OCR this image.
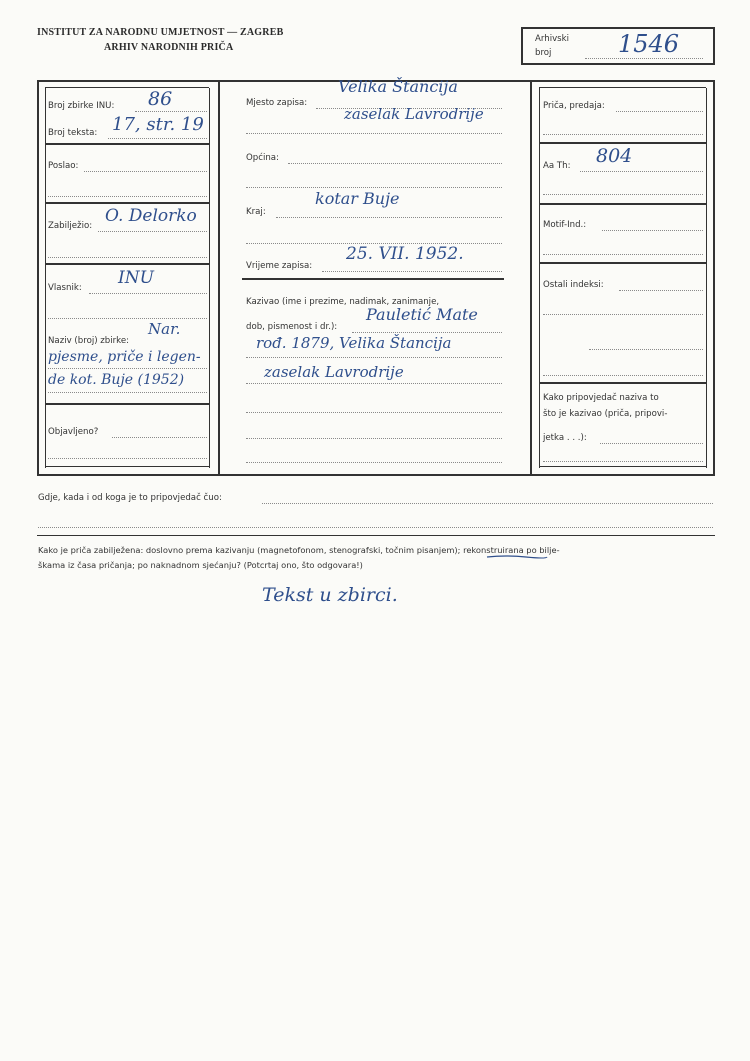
INSTITUT ZA NARODNU UMJETNOST — ZAGREB
ARHIV NARODNIH PRIČA
Arhivski
broj	1546
Broj zbirke INU: 86
Broj teksta: 17, str. 19
Poslao:
Zabilježio: O. Delorko
Vlasnik: INU
Naziv (broj) zbirke:
Nar.
pjesme, priče i legen-
de kot. Buje (1952)
Objavljeno?
Mjesto zapisa:
Velika Štancija
zaselak Lavrodrije
Općina:
Kraj:
kotar Buje
Vrijeme zapisa:
25. VII. 1952.
Kazivao (ime i prezime, nadimak, zanimanje,
dob, pismenost i dr.):
Pauletić Mate
rođ. 1879, Velika Štancija
zaselak Lavrodrije
Priča, predaja:
Aa Th: 804
Motif-Ind.:
Ostali indeksi:
Kako pripovjedač naziva to
što je kazivao (priča, pripovi-
jetka . . .):
Gdje, kada i od koga je to pripovjedač čuo:
Kako je priča zabilježena: doslovno prema kazivanju (magnetofonom, stenografski, točnim pisanjem); rekonstruirana po bilje-
škama iz časa pričanja; po naknadnom sjećanju? (Potcrtaj ono, što odgovara!)
Tekst u zbirci.
